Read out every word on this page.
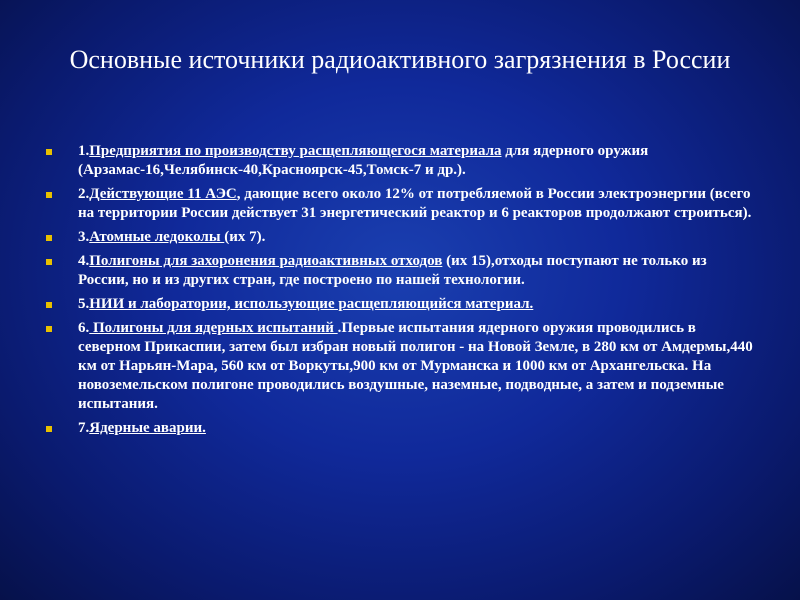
Основные источники радиоактивного загрязнения в России
1.Предприятия по производству расщепляющегося материала для ядерного оружия (Арзамас-16,Челябинск-40,Красноярск-45,Томск-7 и др.).
2.Действующие 11 АЭС, дающие всего около 12% от потребляемой в России электроэнергии (всего на территории России действует 31 энергетический реактор и 6 реакторов продолжают строиться).
3.Атомные ледоколы (их 7).
4.Полигоны для захоронения радиоактивных отходов (их 15),отходы поступают не только из России, но и из других стран, где построено по нашей технологии.
5.НИИ и лаборатории, использующие расщепляющийся материал.
6. Полигоны для ядерных испытаний .Первые испытания ядерного оружия проводились в северном Прикаспии, затем был избран новый полигон - на Новой Земле, в 280 км от Амдермы,440 км от Нарьян-Мара, 560 км от Воркуты,900 км от Мурманска и 1000 км от Архангельска. На новоземельском полигоне проводились воздушные, наземные, подводные, а затем и подземные испытания.
7.Ядерные аварии.
